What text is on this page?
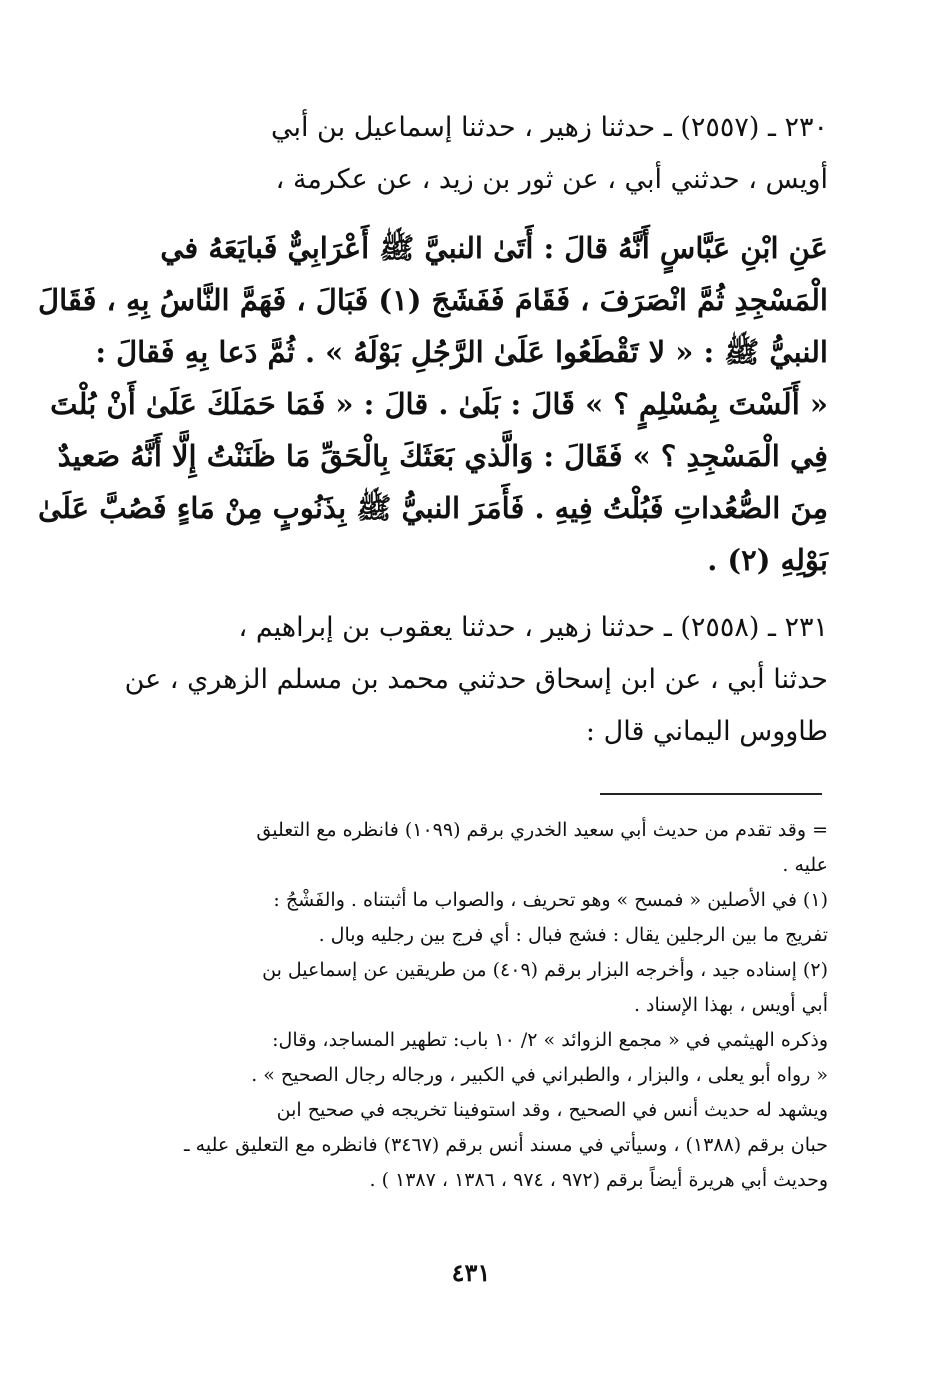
٢٣٠ ـ (٢٥٥٧) ـ حدثنا زهير ، حدثنا إسماعيل بن أبي
أويس ، حدثني أبي ، عن ثور بن زيد ، عن عكرمة ،
عَنِ ابْنِ عَبَّاسٍ أَنَّهُ قالَ : أَتَىٰ النبيَّ ﷺ أَعْرَابِيٌّ فَبايَعَهُ في
الْمَسْجِدِ ثُمَّ انْصَرَفَ ، فَقَامَ فَفَشَجَ (١) فَبَالَ ، فَهَمَّ النَّاسُ بِهِ ، فَقَالَ
النبيُّ ﷺ : « لا تَقْطَعُوا عَلَىٰ الرَّجُلِ بَوْلَهُ » . ثُمَّ دَعا بِهِ فَقالَ :
« أَلَسْتَ بِمُسْلِمٍ ؟ » قَالَ : بَلَىٰ . قالَ : « فَمَا حَمَلَكَ عَلَىٰ أَنْ بُلْتَ
فِي الْمَسْجِدِ ؟ » فَقَالَ : وَالَّذي بَعَثَكَ بِالْحَقِّ مَا ظَنَنْتُ إِلَّا أَنَّهُ صَعيدٌ
مِنَ الصُّعُداتِ فَبُلْتُ فِيهِ . فَأَمَرَ النبيُّ ﷺ بِذَنُوبٍ مِنْ مَاءٍ فَصُبَّ عَلَىٰ
بَوْلِهِ (٢) .
٢٣١ ـ (٢٥٥٨) ـ حدثنا زهير ، حدثنا يعقوب بن إبراهيم ،
حدثنا أبي ، عن ابن إسحاق حدثني محمد بن مسلم الزهري ، عن
طاووس اليماني قال :
= وقد تقدم من حديث أبي سعيد الخدري برقم (١٠٩٩) فانظره مع التعليق
عليه .
(١) في الأصلين « فمسح » وهو تحريف ، والصواب ما أثبتناه . والفَشْجُ :
تفريج ما بين الرجلين يقال : فشج فبال : أي فرج بين رجليه وبال .
(٢) إسناده جيد ، وأخرجه البزار برقم (٤٠٩) من طريقين عن إسماعيل بن
أبي أويس ، بهذا الإسناد .
وذكره الهيثمي في « مجمع الزوائد » ٢/ ١٠ باب: تطهير المساجد، وقال:
« رواه أبو يعلى ، والبزار ، والطبراني في الكبير ، ورجاله رجال الصحيح » .
ويشهد له حديث أنس في الصحيح ، وقد استوفينا تخريجه في صحيح ابن
حبان برقم (١٣٨٨) ، وسيأتي في مسند أنس برقم (٣٤٦٧) فانظره مع التعليق عليه ـ
وحديث أبي هريرة أيضاً برقم (٩٧٢ ، ٩٧٤ ، ١٣٨٦ ، ١٣٨٧ ) .
٤٣١
